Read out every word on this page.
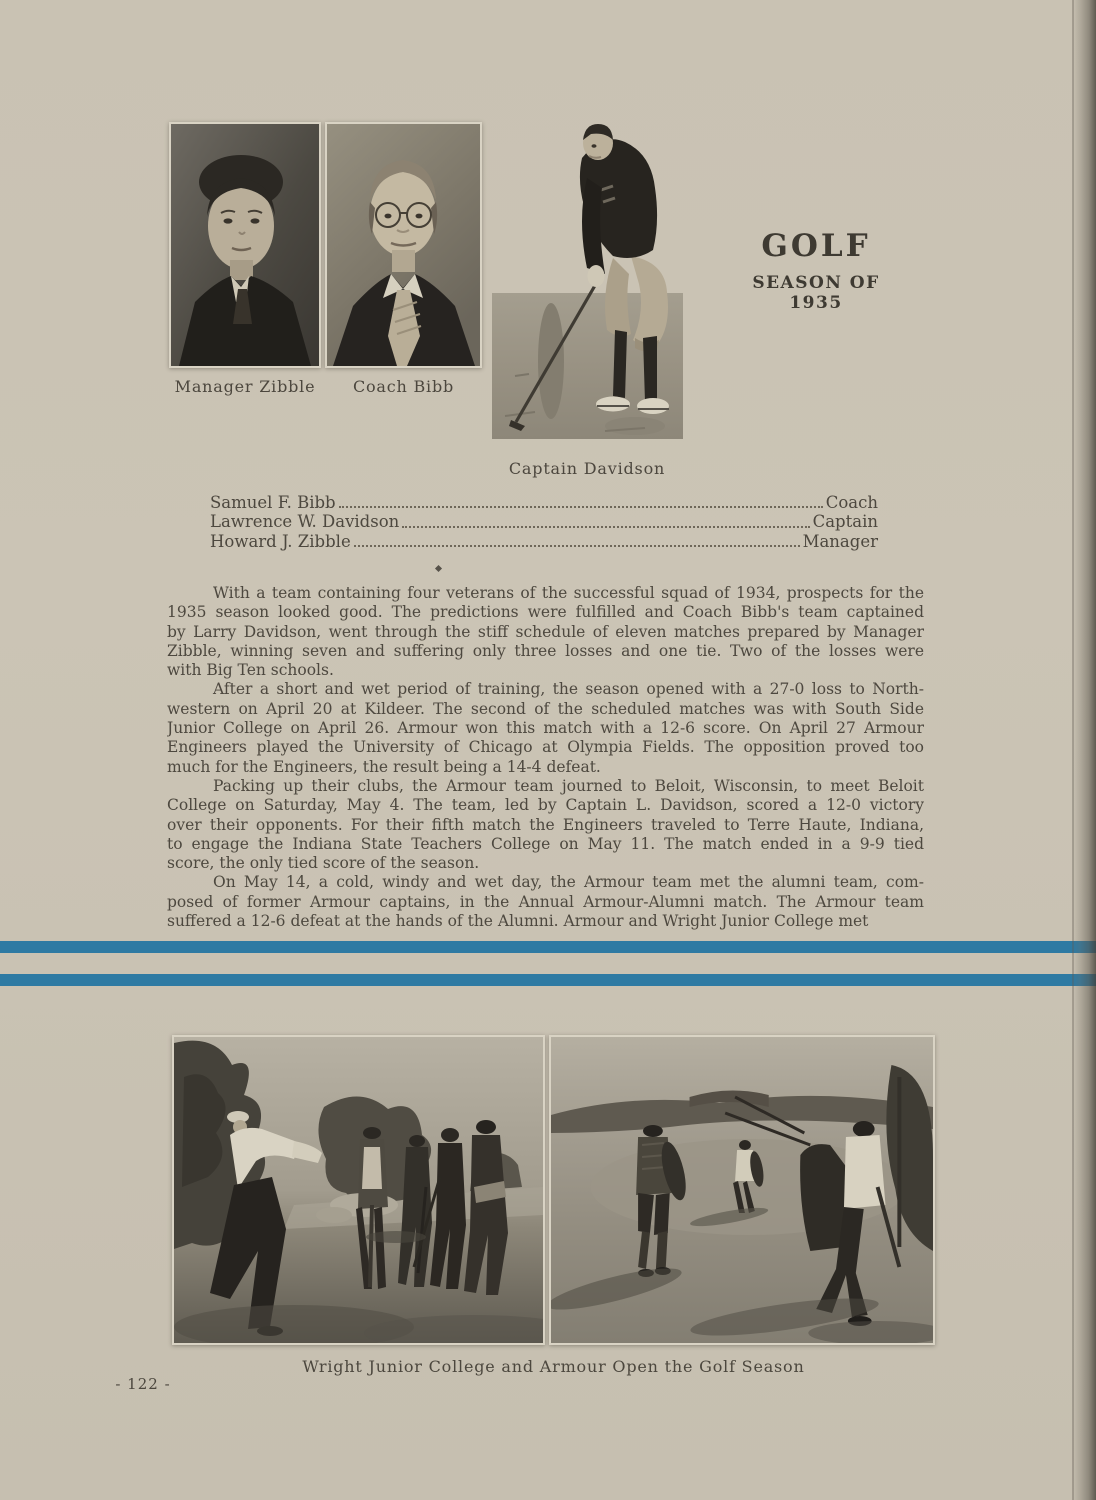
Manager Zibble	Coach Bibb
Captain Davidson
GOLF
SEASON OF 1935
Samuel F. Bibb	Coach
Lawrence W. Davidson	Captain
Howard J. Zibble	Manager
With a team containing four veterans of the successful squad of 1934, prospects for the
1935 season looked good. The predictions were fulfilled and Coach Bibb's team captained
by Larry Davidson, went through the stiff schedule of eleven matches prepared by Manager
Zibble, winning seven and suffering only three losses and one tie. Two of the losses were
with Big Ten schools.
After a short and wet period of training, the season opened with a 27-0 loss to North-
western on April 20 at Kildeer. The second of the scheduled matches was with South Side
Junior College on April 26. Armour won this match with a 12-6 score. On April 27 Armour
Engineers played the University of Chicago at Olympia Fields. The opposition proved too
much for the Engineers, the result being a 14-4 defeat.
Packing up their clubs, the Armour team journed to Beloit, Wisconsin, to meet Beloit
College on Saturday, May 4. The team, led by Captain L. Davidson, scored a 12-0 victory
over their opponents. For their fifth match the Engineers traveled to Terre Haute, Indiana,
to engage the Indiana State Teachers College on May 11. The match ended in a 9-9 tied
score, the only tied score of the season.
On May 14, a cold, windy and wet day, the Armour team met the alumni team, com-
posed of former Armour captains, in the Annual Armour-Alumni match. The Armour team
suffered a 12-6 defeat at the hands of the Alumni. Armour and Wright Junior College met
Wright Junior College and Armour Open the Golf Season
- 122 -
